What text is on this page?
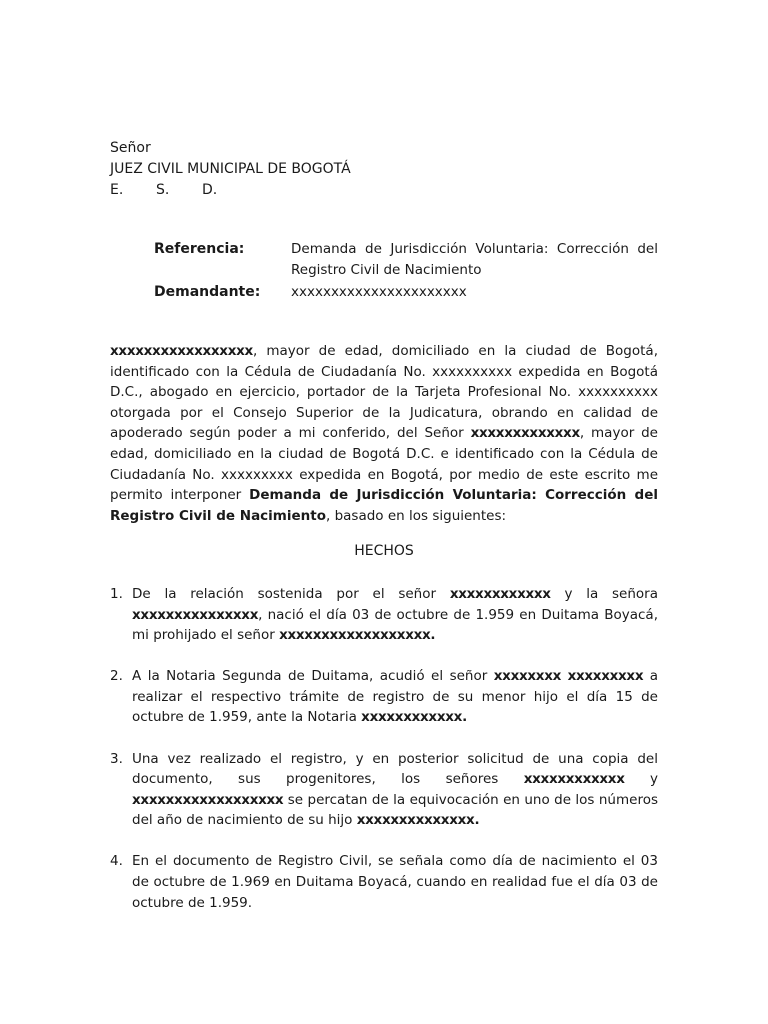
Señor
JUEZ CIVIL MUNICIPAL DE BOGOTÁ
E. S. D.
Referencia:	Demanda de Jurisdicción Voluntaria: Corrección del Registro Civil de Nacimiento
Demandante:	xxxxxxxxxxxxxxxxxxxxxx

xxxxxxxxxxxxxxxxx, mayor de edad, domiciliado en la ciudad de Bogotá, identificado con la Cédula de Ciudadanía No. xxxxxxxxxx expedida en Bogotá D.C., abogado en ejercicio, portador de la Tarjeta Profesional No. xxxxxxxxxx otorgada por el Consejo Superior de la Judicatura, obrando en calidad de apoderado según poder a mi conferido, del Señor xxxxxxxxxxxxx, mayor de edad, domiciliado en la ciudad de Bogotá D.C. e identificado con la Cédula de Ciudadanía No. xxxxxxxxx expedida en Bogotá, por medio de este escrito me permito interponer Demanda de Jurisdicción Voluntaria: Corrección del Registro Civil de Nacimiento, basado en los siguientes:

HECHOS
1. De la relación sostenida por el señor xxxxxxxxxxxx y la señora xxxxxxxxxxxxxxx, nació el día 03 de octubre de 1.959 en Duitama Boyacá, mi prohijado el señor xxxxxxxxxxxxxxxxxx.
2. A la Notaria Segunda de Duitama, acudió el señor xxxxxxxx xxxxxxxxx a realizar el respectivo trámite de registro de su menor hijo el día 15 de octubre de 1.959, ante la Notaria xxxxxxxxxxxx.
3. Una vez realizado el registro, y en posterior solicitud de una copia del documento, sus progenitores, los señores xxxxxxxxxxxx y xxxxxxxxxxxxxxxxxx se percatan de la equivocación en uno de los números del año de nacimiento de su hijo xxxxxxxxxxxxxx.
4. En el documento de Registro Civil, se señala como día de nacimiento el 03 de octubre de 1.969 en Duitama Boyacá, cuando en realidad fue el día 03 de octubre de 1.959.
